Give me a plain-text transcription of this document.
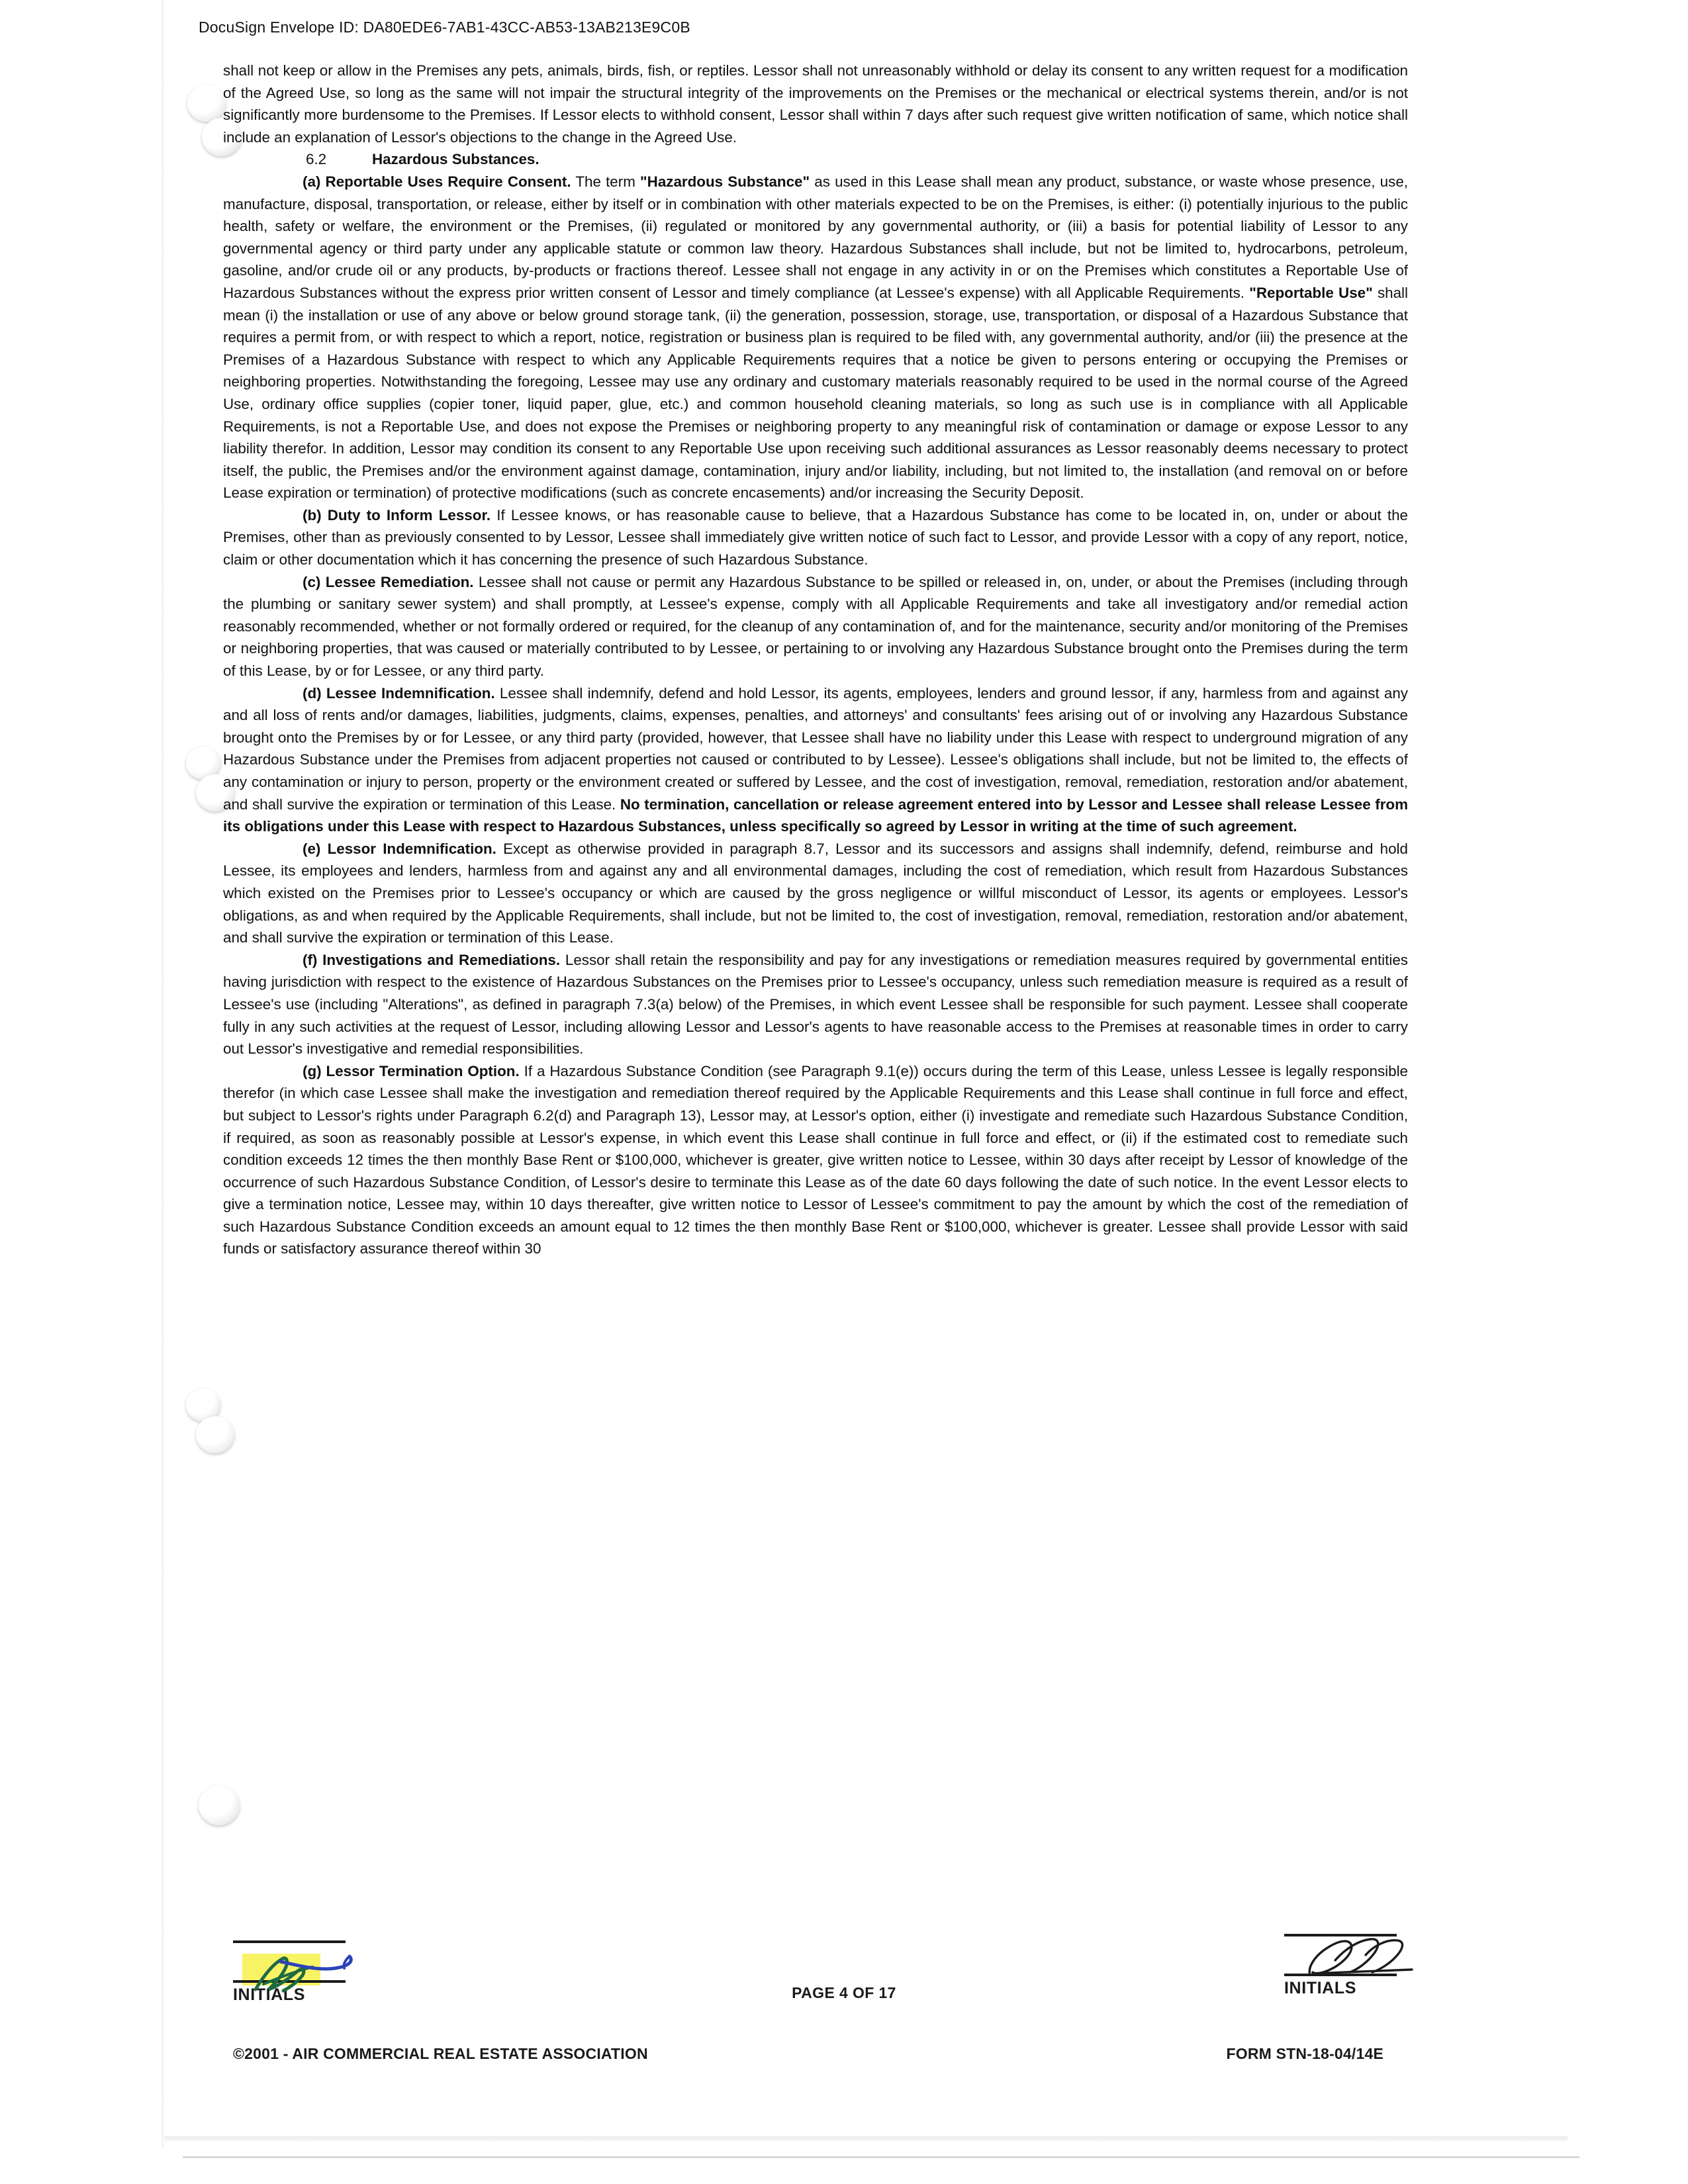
DocuSign Envelope ID: DA80EDE6-7AB1-43CC-AB53-13AB213E9C0B

shall not keep or allow in the Premises any pets, animals, birds, fish, or reptiles. Lessor shall not unreasonably withhold or delay its consent to any written request for a modification of the Agreed Use, so long as the same will not impair the structural integrity of the improvements on the Premises or the mechanical or electrical systems therein, and/or is not significantly more burdensome to the Premises. If Lessor elects to withhold consent, Lessor shall within 7 days after such request give written notification of same, which notice shall include an explanation of Lessor's objections to the change in the Agreed Use.

6.2	Hazardous Substances.

(a) Reportable Uses Require Consent. The term "Hazardous Substance" as used in this Lease shall mean any product, substance, or waste whose presence, use, manufacture, disposal, transportation, or release, either by itself or in combination with other materials expected to be on the Premises, is either: (i) potentially injurious to the public health, safety or welfare, the environment or the Premises, (ii) regulated or monitored by any governmental authority, or (iii) a basis for potential liability of Lessor to any governmental agency or third party under any applicable statute or common law theory. Hazardous Substances shall include, but not be limited to, hydrocarbons, petroleum, gasoline, and/or crude oil or any products, by-products or fractions thereof. Lessee shall not engage in any activity in or on the Premises which constitutes a Reportable Use of Hazardous Substances without the express prior written consent of Lessor and timely compliance (at Lessee's expense) with all Applicable Requirements. "Reportable Use" shall mean (i) the installation or use of any above or below ground storage tank, (ii) the generation, possession, storage, use, transportation, or disposal of a Hazardous Substance that requires a permit from, or with respect to which a report, notice, registration or business plan is required to be filed with, any governmental authority, and/or (iii) the presence at the Premises of a Hazardous Substance with respect to which any Applicable Requirements requires that a notice be given to persons entering or occupying the Premises or neighboring properties. Notwithstanding the foregoing, Lessee may use any ordinary and customary materials reasonably required to be used in the normal course of the Agreed Use, ordinary office supplies (copier toner, liquid paper, glue, etc.) and common household cleaning materials, so long as such use is in compliance with all Applicable Requirements, is not a Reportable Use, and does not expose the Premises or neighboring property to any meaningful risk of contamination or damage or expose Lessor to any liability therefor. In addition, Lessor may condition its consent to any Reportable Use upon receiving such additional assurances as Lessor reasonably deems necessary to protect itself, the public, the Premises and/or the environment against damage, contamination, injury and/or liability, including, but not limited to, the installation (and removal on or before Lease expiration or termination) of protective modifications (such as concrete encasements) and/or increasing the Security Deposit.

(b) Duty to Inform Lessor. If Lessee knows, or has reasonable cause to believe, that a Hazardous Substance has come to be located in, on, under or about the Premises, other than as previously consented to by Lessor, Lessee shall immediately give written notice of such fact to Lessor, and provide Lessor with a copy of any report, notice, claim or other documentation which it has concerning the presence of such Hazardous Substance.

(c) Lessee Remediation. Lessee shall not cause or permit any Hazardous Substance to be spilled or released in, on, under, or about the Premises (including through the plumbing or sanitary sewer system) and shall promptly, at Lessee's expense, comply with all Applicable Requirements and take all investigatory and/or remedial action reasonably recommended, whether or not formally ordered or required, for the cleanup of any contamination of, and for the maintenance, security and/or monitoring of the Premises or neighboring properties, that was caused or materially contributed to by Lessee, or pertaining to or involving any Hazardous Substance brought onto the Premises during the term of this Lease, by or for Lessee, or any third party.

(d) Lessee Indemnification. Lessee shall indemnify, defend and hold Lessor, its agents, employees, lenders and ground lessor, if any, harmless from and against any and all loss of rents and/or damages, liabilities, judgments, claims, expenses, penalties, and attorneys' and consultants' fees arising out of or involving any Hazardous Substance brought onto the Premises by or for Lessee, or any third party (provided, however, that Lessee shall have no liability under this Lease with respect to underground migration of any Hazardous Substance under the Premises from adjacent properties not caused or contributed to by Lessee). Lessee's obligations shall include, but not be limited to, the effects of any contamination or injury to person, property or the environment created or suffered by Lessee, and the cost of investigation, removal, remediation, restoration and/or abatement, and shall survive the expiration or termination of this Lease. No termination, cancellation or release agreement entered into by Lessor and Lessee shall release Lessee from its obligations under this Lease with respect to Hazardous Substances, unless specifically so agreed by Lessor in writing at the time of such agreement.

(e) Lessor Indemnification. Except as otherwise provided in paragraph 8.7, Lessor and its successors and assigns shall indemnify, defend, reimburse and hold Lessee, its employees and lenders, harmless from and against any and all environmental damages, including the cost of remediation, which result from Hazardous Substances which existed on the Premises prior to Lessee's occupancy or which are caused by the gross negligence or willful misconduct of Lessor, its agents or employees. Lessor's obligations, as and when required by the Applicable Requirements, shall include, but not be limited to, the cost of investigation, removal, remediation, restoration and/or abatement, and shall survive the expiration or termination of this Lease.

(f) Investigations and Remediations. Lessor shall retain the responsibility and pay for any investigations or remediation measures required by governmental entities having jurisdiction with respect to the existence of Hazardous Substances on the Premises prior to Lessee's occupancy, unless such remediation measure is required as a result of Lessee's use (including "Alterations", as defined in paragraph 7.3(a) below) of the Premises, in which event Lessee shall be responsible for such payment. Lessee shall cooperate fully in any such activities at the request of Lessor, including allowing Lessor and Lessor's agents to have reasonable access to the Premises at reasonable times in order to carry out Lessor's investigative and remedial responsibilities.

(g) Lessor Termination Option. If a Hazardous Substance Condition (see Paragraph 9.1(e)) occurs during the term of this Lease, unless Lessee is legally responsible therefor (in which case Lessee shall make the investigation and remediation thereof required by the Applicable Requirements and this Lease shall continue in full force and effect, but subject to Lessor's rights under Paragraph 6.2(d) and Paragraph 13), Lessor may, at Lessor's option, either (i) investigate and remediate such Hazardous Substance Condition, if required, as soon as reasonably possible at Lessor's expense, in which event this Lease shall continue in full force and effect, or (ii) if the estimated cost to remediate such condition exceeds 12 times the then monthly Base Rent or $100,000, whichever is greater, give written notice to Lessee, within 30 days after receipt by Lessor of knowledge of the occurrence of such Hazardous Substance Condition, of Lessor's desire to terminate this Lease as of the date 60 days following the date of such notice. In the event Lessor elects to give a termination notice, Lessee may, within 10 days thereafter, give written notice to Lessor of Lessee's commitment to pay the amount by which the cost of the remediation of such Hazardous Substance Condition exceeds an amount equal to 12 times the then monthly Base Rent or $100,000, whichever is greater. Lessee shall provide Lessor with said funds or satisfactory assurance thereof within 30

PAGE 4 OF 17
INITIALS	INITIALS
©2001 - AIR COMMERCIAL REAL ESTATE ASSOCIATION	FORM STN-18-04/14E
